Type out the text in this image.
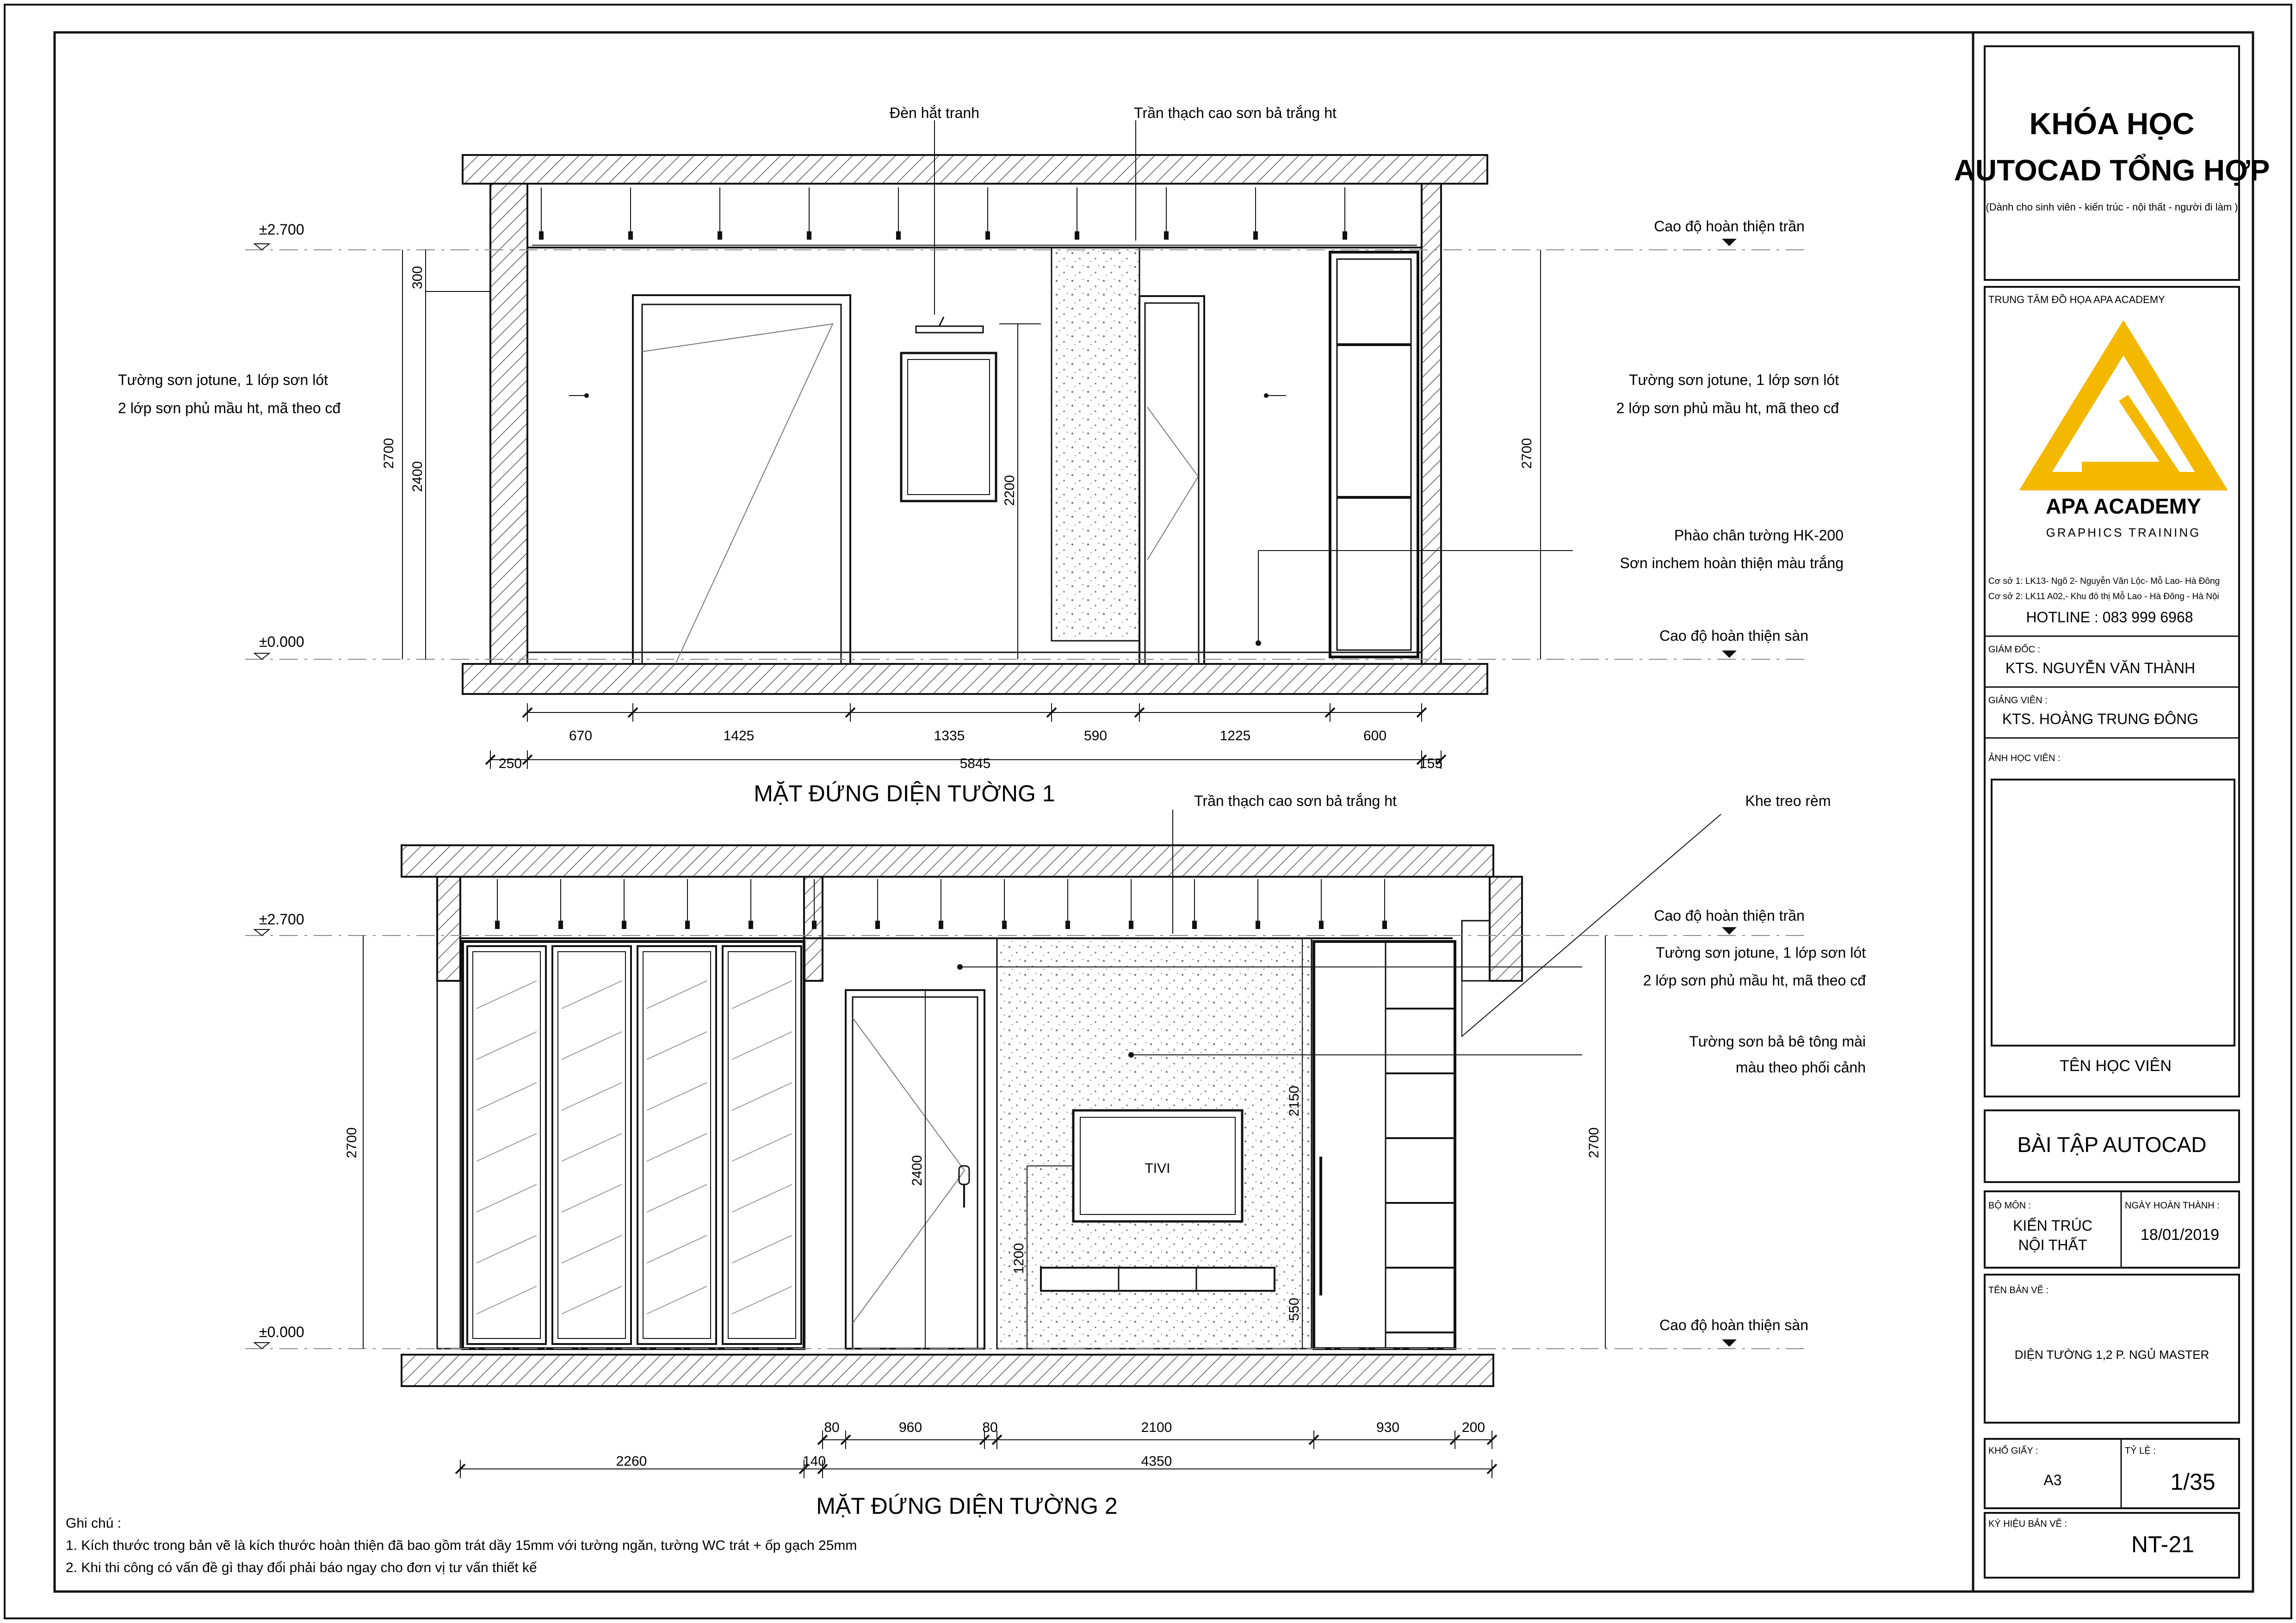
KHÓA HỌC
AUTOCAD TỔNG HỢP
(Dành cho sinh viên - kiến trúc - nội thất - người đi làm )
TRUNG TÂM ĐỒ HỌA APA ACADEMY
APA ACADEMY
GRAPHICS TRAINING
Cơ sở 1: LK13- Ngõ 2- Nguyễn Văn Lộc- Mỗ Lao- Hà Đông
Cơ sở 2: LK11 A02,- Khu đô thị Mỗ Lao - Hà Đông - Hà Nội
HOTLINE : 083 999 6968
GIÁM ĐỐC :
KTS. NGUYỄN VĂN THÀNH
GIẢNG VIÊN :
KTS. HOÀNG TRUNG ĐÔNG
ẢNH HỌC VIÊN :
TÊN HỌC VIÊN
BÀI TẬP AUTOCAD
BỘ MÔN :
KIẾN TRÚC
NỘI THẤT
NGÀY HOÀN THÀNH :
18/01/2019
TÊN BẢN VẼ :
DIỆN TƯỜNG 1,2 P. NGỦ MASTER
KHỔ GIẤY :
A3
TỶ LỆ :
1/35
KÝ HIỆU BẢN VẼ :
NT-21
±2.700
±0.000
Cao độ hoàn thiện trần
Cao độ hoàn thiện sàn
Đèn hắt tranh	Trần thạch cao sơn bả trắng ht
Tường sơn jotune, 1 lớp sơn lót
2 lớp sơn phủ mầu ht, mã theo cđ
Tường sơn jotune, 1 lớp sơn lót
2 lớp sơn phủ mầu ht, mã theo cđ
Phào chân tường HK-200
Sơn inchem hoàn thiện màu trắng
300
2700
2400	2200
2700
670	1425	1335	590	1225	600
250	5845	155
MẶT ĐỨNG DIỆN TƯỜNG 1
TIVI
±2.700
±0.000
Cao độ hoàn thiện trần
Cao độ hoàn thiện sàn
Trần thạch cao sơn bả trắng ht	Khe treo rèm
Tường sơn jotune, 1 lớp sơn lót
2 lớp sơn phủ mầu ht, mã theo cđ
Tường sơn bả bê tông mài
màu theo phối cảnh
2700
2400
2150
1200
550
2700
80	960	80	2100	930	200
2260	140	4350
MẶT ĐỨNG DIỆN TƯỜNG 2
Ghi chú :
1. Kích thước trong bản vẽ là kích thước hoàn thiện đã bao gồm trát dầy 15mm với tường ngăn, tường WC trát + ốp gạch 25mm
2. Khi thi công có vấn đề gì thay đổi phải báo ngay cho đơn vị tư vấn thiết kế
